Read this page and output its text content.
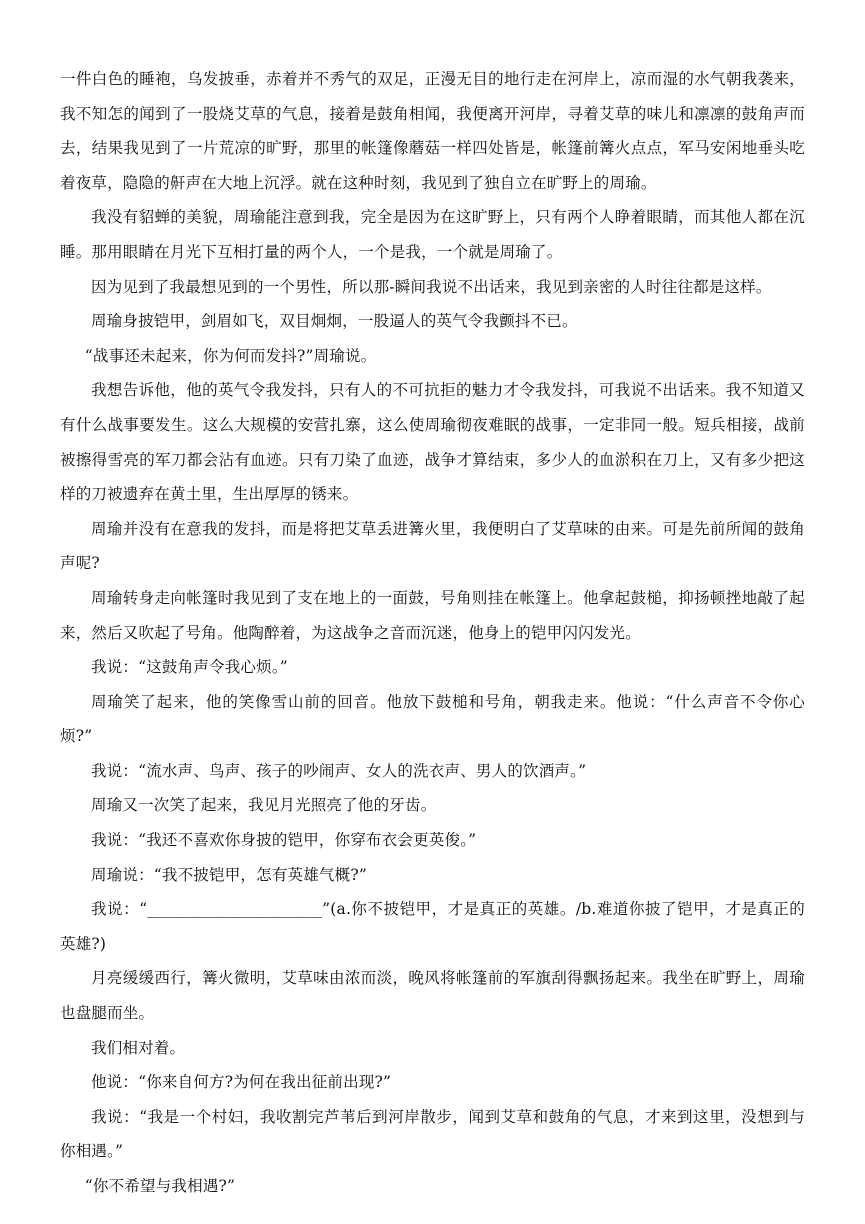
一件白色的睡袍，乌发披垂，赤着并不秀气的双足，正漫无目的地行走在河岸上，凉而湿的水气朝我袭来，我不知怎的闻到了一股烧艾草的气息，接着是鼓角相闻，我便离开河岸，寻着艾草的味儿和凛凛的鼓角声而去，结果我见到了一片荒凉的旷野，那里的帐篷像蘑菇一样四处皆是，帐篷前篝火点点，军马安闲地垂头吃着夜草，隐隐的鼾声在大地上沉浮。就在这种时刻，我见到了独自立在旷野上的周瑜。

我没有貂蝉的美貌，周瑜能注意到我，完全是因为在这旷野上，只有两个人睁着眼睛，而其他人都在沉睡。那用眼睛在月光下互相打量的两个人，一个是我，一个就是周瑜了。

因为见到了我最想见到的一个男性，所以那-瞬间我说不出话来，我见到亲密的人时往往都是这样。

周瑜身披铠甲，剑眉如飞，双目炯炯，一股逼人的英气令我颤抖不已。

“战事还未起来，你为何而发抖?”周瑜说。

我想告诉他，他的英气令我发抖，只有人的不可抗拒的魅力才令我发抖，可我说不出话来。我不知道又有什么战事要发生。这么大规模的安营扎寨，这么使周瑜彻夜难眠的战事，一定非同一般。短兵相接，战前被擦得雪亮的军刀都会沾有血迹。只有刀染了血迹，战争才算结束，多少人的血淤积在刀上，又有多少把这样的刀被遗弃在黄土里，生出厚厚的锈来。

周瑜并没有在意我的发抖，而是将把艾草丢进篝火里，我便明白了艾草味的由来。可是先前所闻的鼓角声呢?

周瑜转身走向帐篷时我见到了支在地上的一面鼓，号角则挂在帐篷上。他拿起鼓槌，抑扬顿挫地敲了起来，然后又吹起了号角。他陶醉着，为这战争之音而沉迷，他身上的铠甲闪闪发光。

我说：“这鼓角声令我心烦。”

周瑜笑了起来，他的笑像雪山前的回音。他放下鼓槌和号角，朝我走来。他说：“什么声音不令你心烦?”

我说：“流水声、鸟声、孩子的吵闹声、女人的洗衣声、男人的饮酒声。”

周瑜又一次笑了起来，我见月光照亮了他的牙齿。

我说：“我还不喜欢你身披的铠甲，你穿布衣会更英俊。”

周瑜说：“我不披铠甲，怎有英雄气概?”

我说：“______________________”(a.你不披铠甲，才是真正的英雄。/b.难道你披了铠甲，才是真正的英雄?)

月亮缓缓西行，篝火微明，艾草味由浓而淡，晚风将帐篷前的军旗刮得飘扬起来。我坐在旷野上，周瑜也盘腿而坐。

我们相对着。

他说：“你来自何方?为何在我出征前出现?”

我说：“我是一个村妇，我收割完芦苇后到河岸散步，闻到艾草和鼓角的气息，才来到这里，没想到与你相遇。”

“你不希望与我相遇?”
